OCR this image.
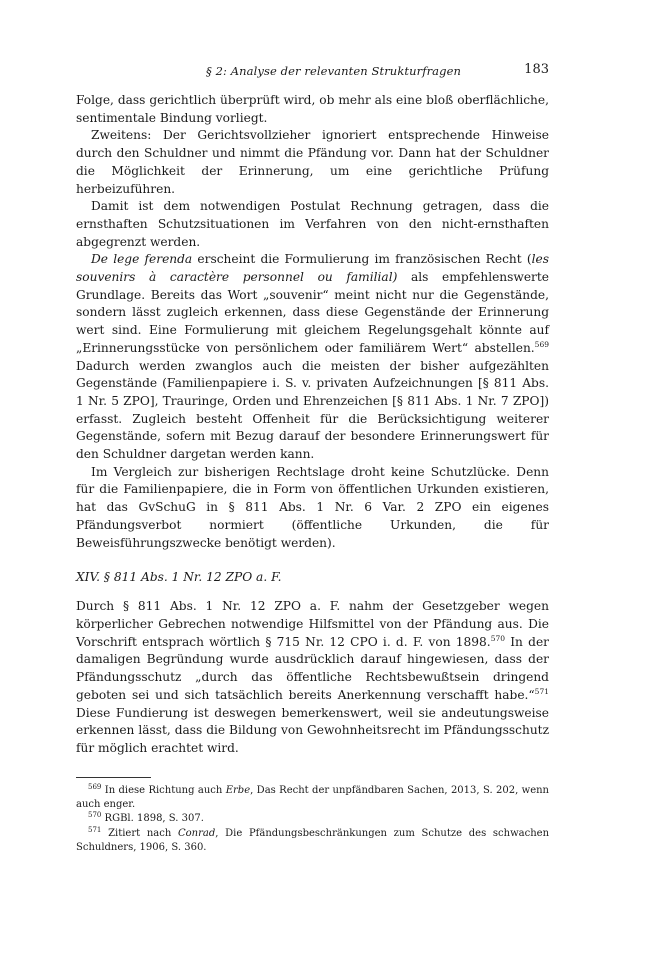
§ 2: Analyse der relevanten Strukturfragen	183

Folge, dass gerichtlich überprüft wird, ob mehr als eine bloß oberflächliche, sentimentale Bindung vorliegt.

Zweitens: Der Gerichtsvollzieher ignoriert entsprechende Hinweise durch den Schuldner und nimmt die Pfändung vor. Dann hat der Schuldner die Möglichkeit der Erinnerung, um eine gerichtliche Prüfung herbeizuführen.

Damit ist dem notwendigen Postulat Rechnung getragen, dass die ernsthaften Schutzsituationen im Verfahren von den nicht-ernsthaften abgegrenzt werden.

De lege ferenda erscheint die Formulierung im französischen Recht (les souvenirs à caractère personnel ou familial) als empfehlenswerte Grundlage. Bereits das Wort „souvenir“ meint nicht nur die Gegenstände, sondern lässt zugleich erkennen, dass diese Gegenstände der Erinnerung wert sind. Eine Formulierung mit gleichem Regelungsgehalt könnte auf „Erinnerungsstücke von persönlichem oder familiärem Wert“ abstellen.$^{569}$ Dadurch werden zwanglos auch die meisten der bisher aufgezählten Gegenstände (Familienpapiere i. S. v. privaten Aufzeichnungen [§ 811 Abs. 1 Nr. 5 ZPO], Trauringe, Orden und Ehrenzeichen [§ 811 Abs. 1 Nr. 7 ZPO]) erfasst. Zugleich besteht Offenheit für die Berücksichtigung weiterer Gegenstände, sofern mit Bezug darauf der besondere Erinnerungswert für den Schuldner dargetan werden kann.

Im Vergleich zur bisherigen Rechtslage droht keine Schutzlücke. Denn für die Familienpapiere, die in Form von öffentlichen Urkunden existieren, hat das GvSchuG in § 811 Abs. 1 Nr. 6 Var. 2 ZPO ein eigenes Pfändungsverbot normiert (öffentliche Urkunden, die für Beweisführungszwecke benötigt werden).

XIV. § 811 Abs. 1 Nr. 12 ZPO a. F.

Durch § 811 Abs. 1 Nr. 12 ZPO a. F. nahm der Gesetzgeber wegen körperlicher Gebrechen notwendige Hilfsmittel von der Pfändung aus. Die Vorschrift entsprach wörtlich § 715 Nr. 12 CPO i. d. F. von 1898.$^{570}$ In der damaligen Begründung wurde ausdrücklich darauf hingewiesen, dass der Pfändungsschutz „durch das öffentliche Rechtsbewußtsein dringend geboten sei und sich tatsächlich bereits Anerkennung verschafft habe.“$^{571}$ Diese Fundierung ist deswegen bemerkenswert, weil sie andeutungsweise erkennen lässt, dass die Bildung von Gewohnheitsrecht im Pfändungsschutz für möglich erachtet wird.

$^{569}$ In diese Richtung auch Erbe, Das Recht der unpfändbaren Sachen, 2013, S. 202, wenn auch enger.

$^{570}$ RGBl. 1898, S. 307.

$^{571}$ Zitiert nach Conrad, Die Pfändungsbeschränkungen zum Schutze des schwachen Schuldners, 1906, S. 360.
